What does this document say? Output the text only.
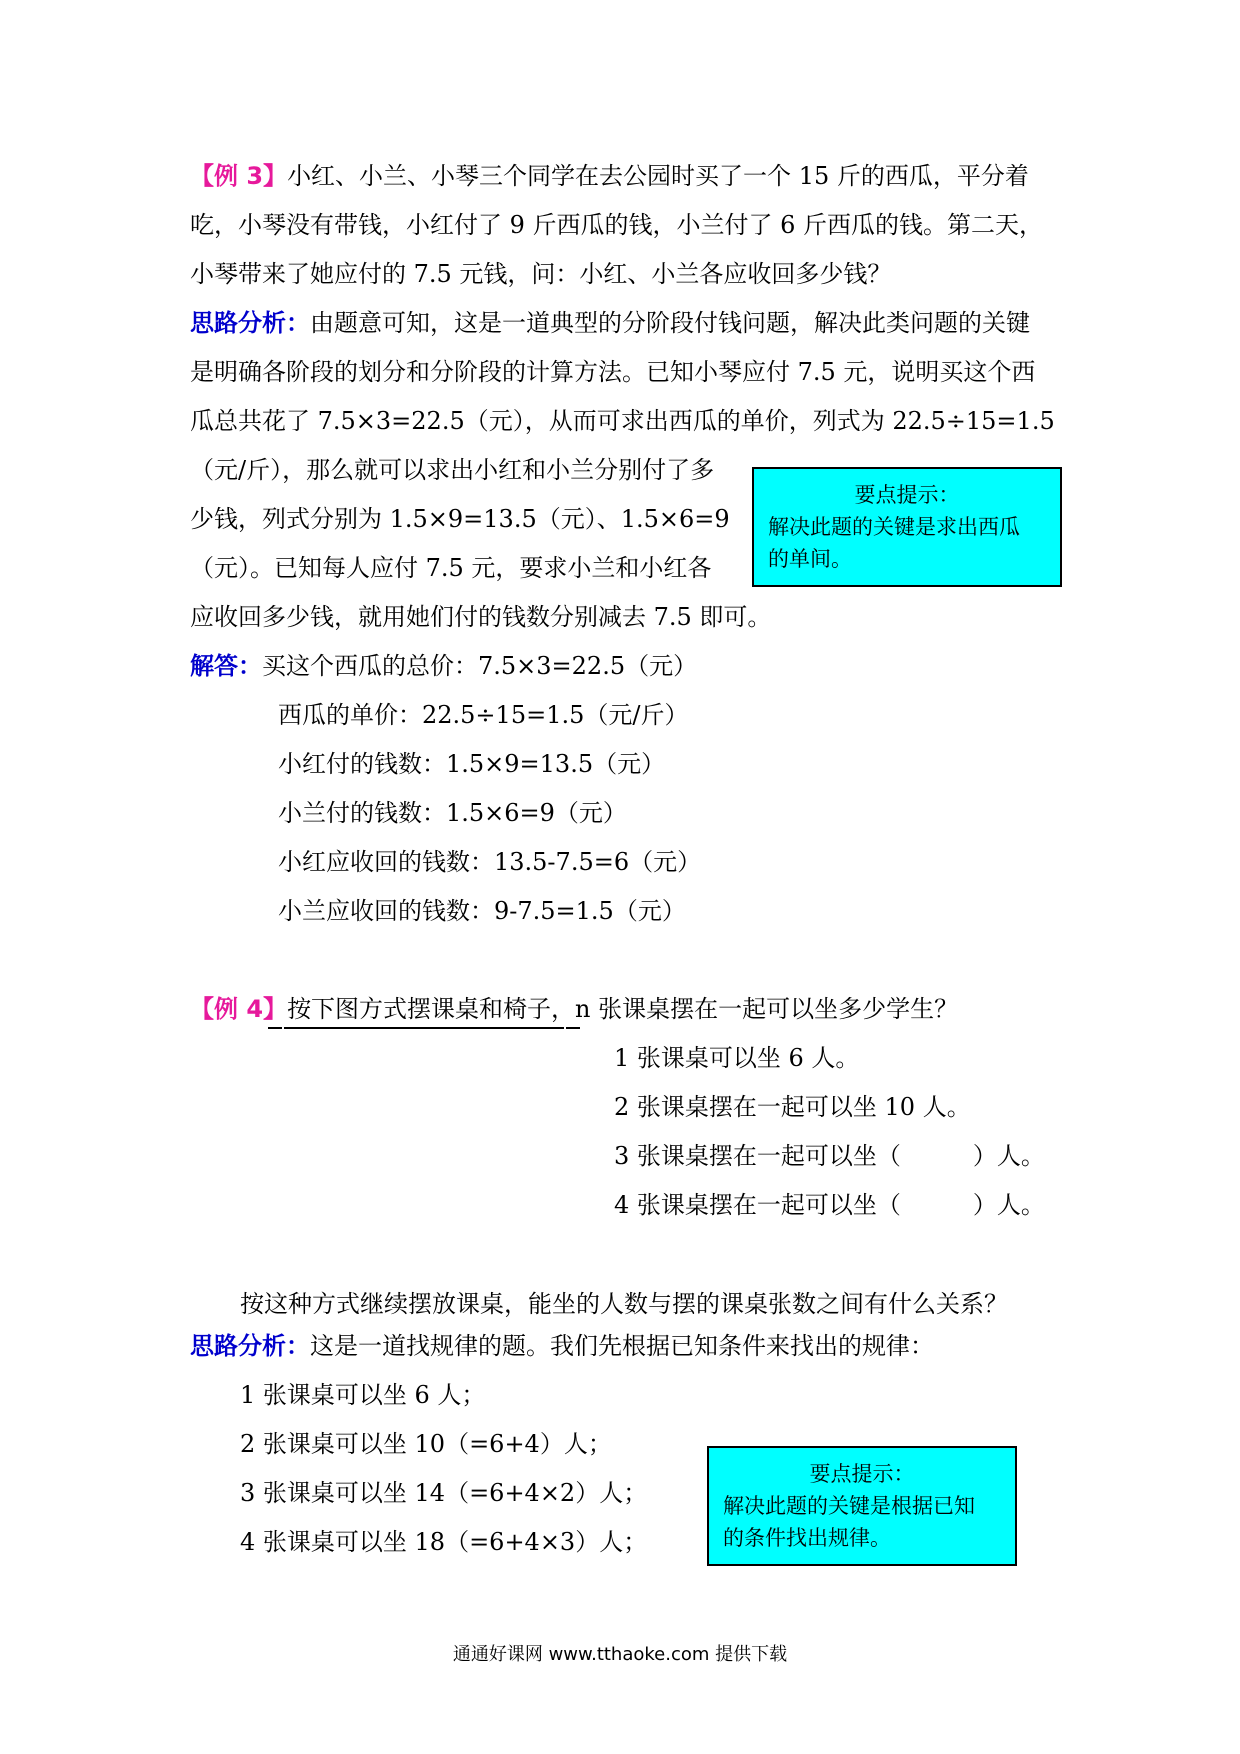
【例 3】小红、小兰、小琴三个同学在去公园时买了一个 15 斤的西瓜，平分着
吃，小琴没有带钱，小红付了 9 斤西瓜的钱，小兰付了 6 斤西瓜的钱。第二天，
小琴带来了她应付的 7.5 元钱，问：小红、小兰各应收回多少钱？
思路分析：由题意可知，这是一道典型的分阶段付钱问题，解决此类问题的关键
是明确各阶段的划分和分阶段的计算方法。已知小琴应付 7.5 元，说明买这个西
瓜总共花了 7.5×3=22.5（元），从而可求出西瓜的单价，列式为 22.5÷15=1.5
（元/斤），那么就可以求出小红和小兰分别付了多
少钱，列式分别为 1.5×9=13.5（元）、1.5×6=9
（元）。已知每人应付 7.5 元，要求小兰和小红各
应收回多少钱，就用她们付的钱数分别减去 7.5 即可。
要点提示：
解决此题的关键是求出西瓜
的单间。
解答：买这个西瓜的总价：7.5×3=22.5（元）
西瓜的单价：22.5÷15=1.5（元/斤）
小红付的钱数：1.5×9=13.5（元）
小兰付的钱数：1.5×6=9（元）
小红应收回的钱数：13.5-7.5=6（元）
小兰应收回的钱数：9-7.5=1.5（元）
【例 4】按下图方式摆课桌和椅子，n 张课桌摆在一起可以坐多少学生？
1 张课桌可以坐 6 人。
2 张课桌摆在一起可以坐 10 人。
3 张课桌摆在一起可以坐（　　　）人。
4 张课桌摆在一起可以坐（　　　）人。
按这种方式继续摆放课桌，能坐的人数与摆的课桌张数之间有什么关系？
思路分析：这是一道找规律的题。我们先根据已知条件来找出的规律：
1 张课桌可以坐 6 人；
2 张课桌可以坐 10（=6+4）人；
3 张课桌可以坐 14（=6+4×2）人；
4 张课桌可以坐 18（=6+4×3）人；
要点提示：
解决此题的关键是根据已知
的条件找出规律。
通通好课网 www.tthaoke.com 提供下载
